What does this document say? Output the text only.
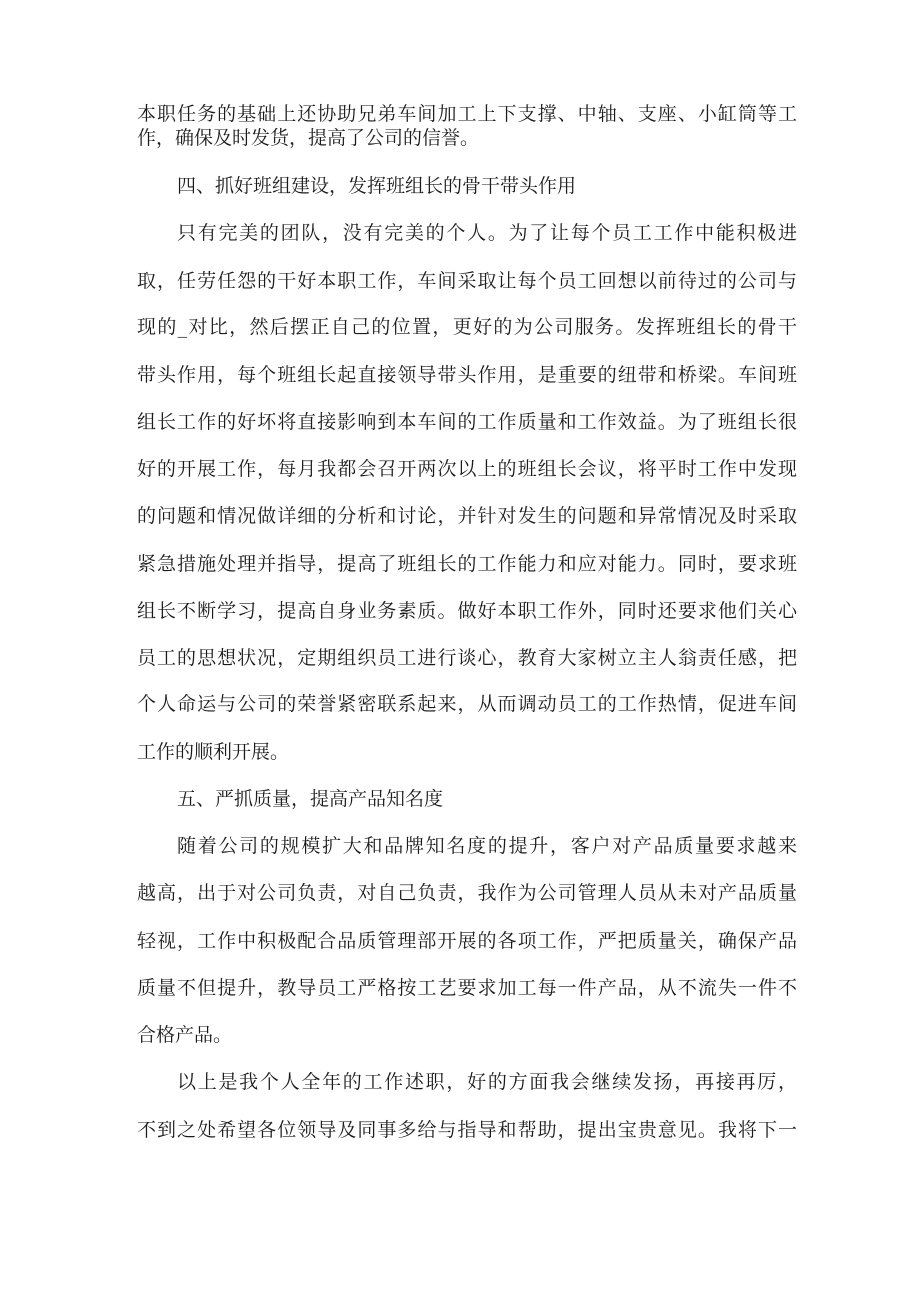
本职任务的基础上还协助兄弟车间加工上下支撑、中轴、支座、小缸筒等工
作，确保及时发货，提高了公司的信誉。
四、抓好班组建设，发挥班组长的骨干带头作用
只有完美的团队，没有完美的个人。为了让每个员工工作中能积极进
取，任劳任怨的干好本职工作，车间采取让每个员工回想以前待过的公司与
现的_对比，然后摆正自己的位置，更好的为公司服务。发挥班组长的骨干
带头作用，每个班组长起直接领导带头作用，是重要的纽带和桥梁。车间班
组长工作的好坏将直接影响到本车间的工作质量和工作效益。为了班组长很
好的开展工作，每月我都会召开两次以上的班组长会议，将平时工作中发现
的问题和情况做详细的分析和讨论，并针对发生的问题和异常情况及时采取
紧急措施处理并指导，提高了班组长的工作能力和应对能力。同时，要求班
组长不断学习，提高自身业务素质。做好本职工作外，同时还要求他们关心
员工的思想状况，定期组织员工进行谈心，教育大家树立主人翁责任感，把
个人命运与公司的荣誉紧密联系起来，从而调动员工的工作热情，促进车间
工作的顺利开展。
五、严抓质量，提高产品知名度
随着公司的规模扩大和品牌知名度的提升，客户对产品质量要求越来
越高，出于对公司负责，对自己负责，我作为公司管理人员从未对产品质量
轻视，工作中积极配合品质管理部开展的各项工作，严把质量关，确保产品
质量不但提升，教导员工严格按工艺要求加工每一件产品，从不流失一件不
合格产品。
以上是我个人全年的工作述职，好的方面我会继续发扬，再接再厉，
不到之处希望各位领导及同事多给与指导和帮助，提出宝贵意见。我将下一
